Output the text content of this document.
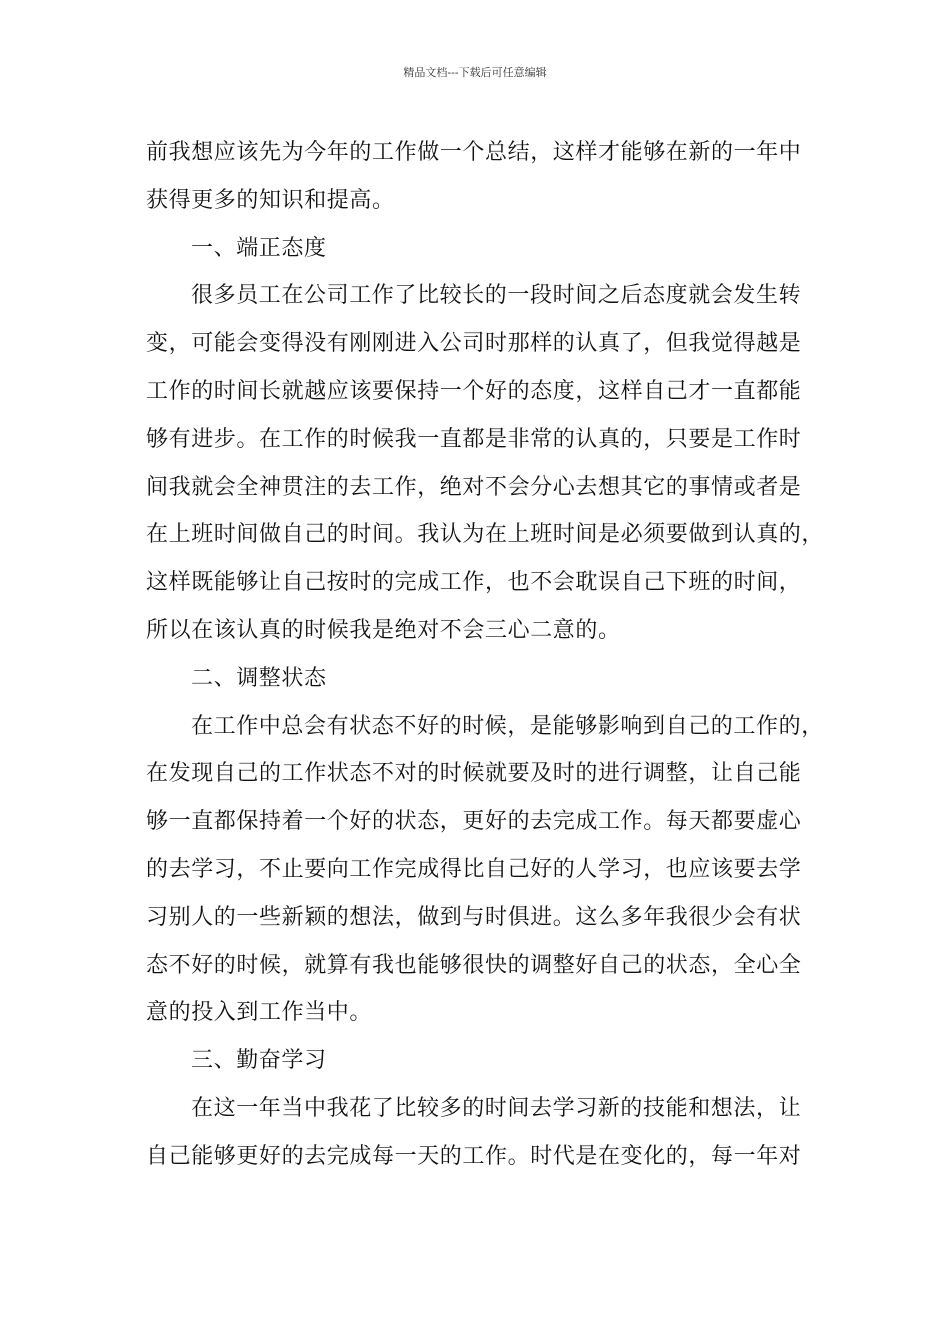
精品文档---下载后可任意编辑
前我想应该先为今年的工作做一个总结，这样才能够在新的一年中
获得更多的知识和提高。
一、端正态度
很多员工在公司工作了比较长的一段时间之后态度就会发生转
变，可能会变得没有刚刚进入公司时那样的认真了，但我觉得越是
工作的时间长就越应该要保持一个好的态度，这样自己才一直都能
够有进步。在工作的时候我一直都是非常的认真的，只要是工作时
间我就会全神贯注的去工作，绝对不会分心去想其它的事情或者是
在上班时间做自己的时间。我认为在上班时间是必须要做到认真的，
这样既能够让自己按时的完成工作，也不会耽误自己下班的时间，
所以在该认真的时候我是绝对不会三心二意的。
二、调整状态
在工作中总会有状态不好的时候，是能够影响到自己的工作的，
在发现自己的工作状态不对的时候就要及时的进行调整，让自己能
够一直都保持着一个好的状态，更好的去完成工作。每天都要虚心
的去学习，不止要向工作完成得比自己好的人学习，也应该要去学
习别人的一些新颖的想法，做到与时俱进。这么多年我很少会有状
态不好的时候，就算有我也能够很快的调整好自己的状态，全心全
意的投入到工作当中。
三、勤奋学习
在这一年当中我花了比较多的时间去学习新的技能和想法，让
自己能够更好的去完成每一天的工作。时代是在变化的，每一年对
